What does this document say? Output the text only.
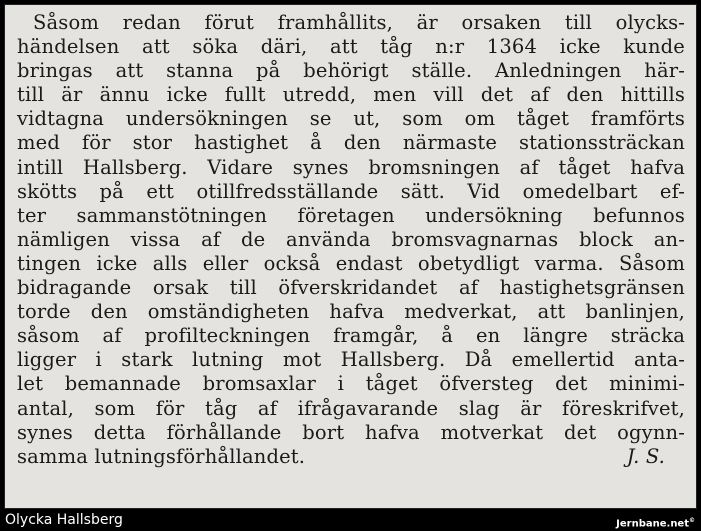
Såsom redan förut framhållits, är orsaken till olycks-
händelsen att söka däri, att tåg n:r 1364 icke kunde
bringas att stanna på behörigt ställe. Anledningen här-
till är ännu icke fullt utredd, men vill det af den hittills
vidtagna undersökningen se ut, som om tåget framförts
med för stor hastighet å den närmaste stationssträckan
intill Hallsberg. Vidare synes bromsningen af tåget hafva
skötts på ett otillfredsställande sätt. Vid omedelbart ef-
ter sammanstötningen företagen undersökning befunnos
nämligen vissa af de använda bromsvagnarnas block an-
tingen icke alls eller också endast obetydligt varma. Såsom
bidragande orsak till öfverskridandet af hastighetsgränsen
torde den omständigheten hafva medverkat, att banlinjen,
såsom af profilteckningen framgår, å en längre sträcka
ligger i stark lutning mot Hallsberg. Då emellertid anta-
let bemannade bromsaxlar i tåget öfversteg det minimi-
antal, som för tåg af ifrågavarande slag är föreskrifvet,
synes detta förhållande bort hafva motverkat det ogynn-
samma lutningsförhållandet.	J. S.
Olycka Hallsberg	Jernbane.net©
